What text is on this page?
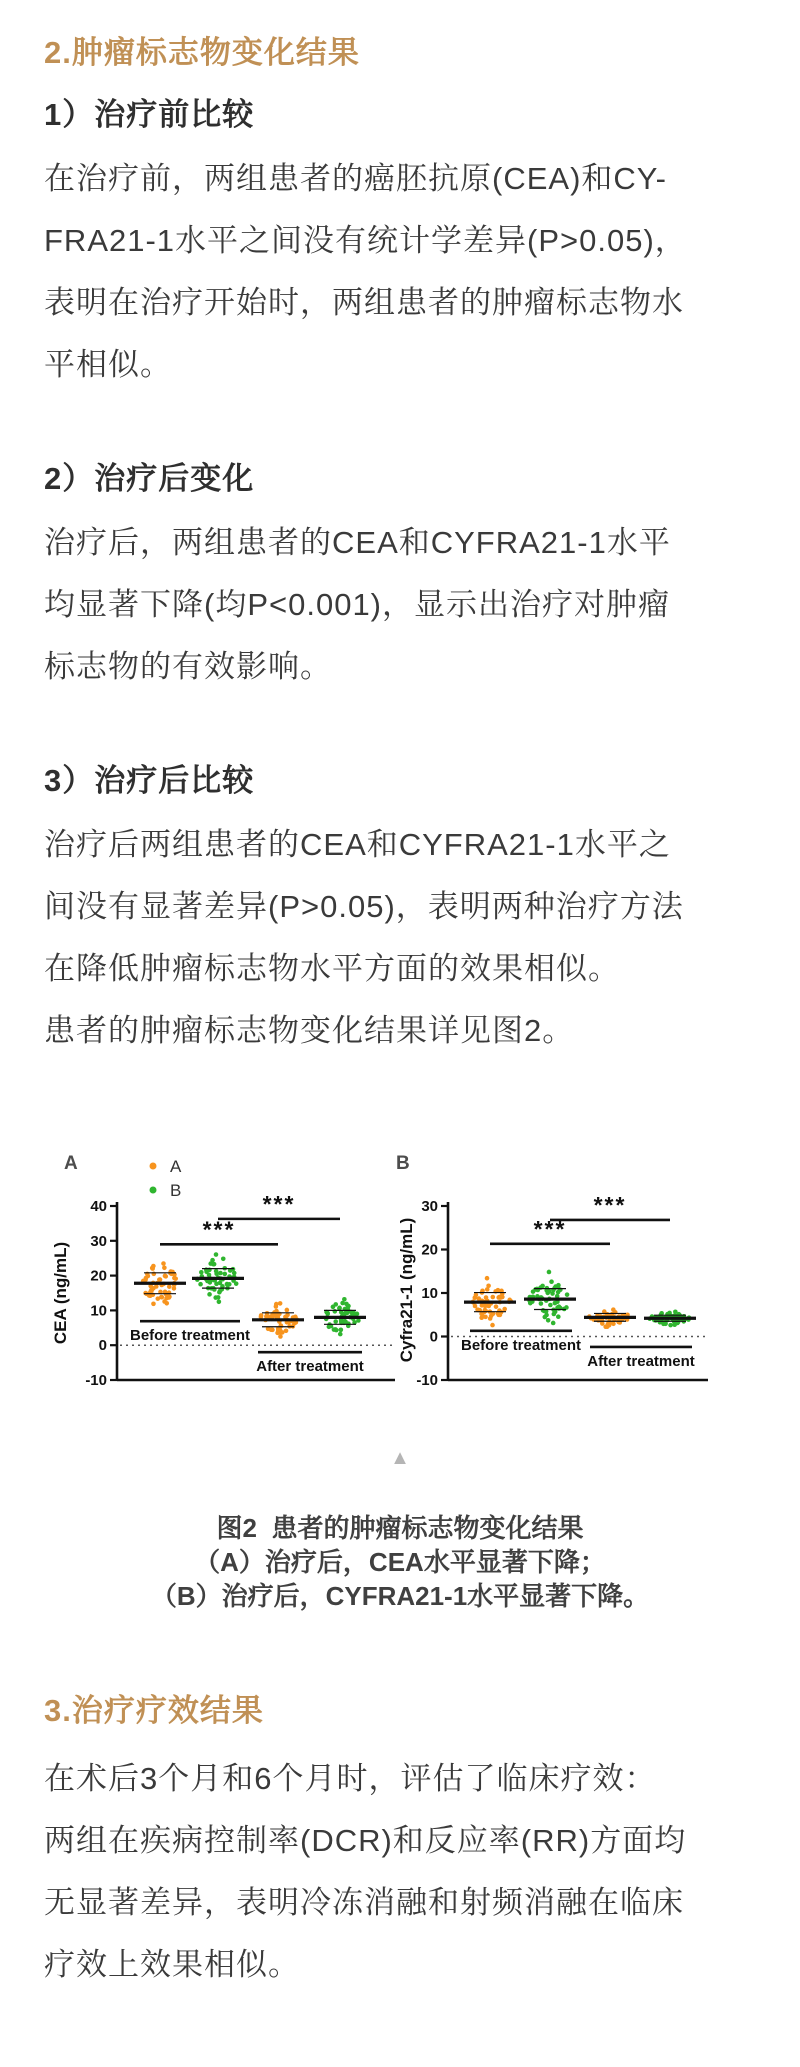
2.肿瘤标志物变化结果
1）治疗前比较
在治疗前，两组患者的癌胚抗原(CEA)和CY-
FRA21-1水平之间没有统计学差异(P>0.05)，
表明在治疗开始时，两组患者的肿瘤标志物水
平相似。
2）治疗后变化
治疗后，两组患者的CEA和CYFRA21-1水平
均显著下降(均P<0.001)，显示出治疗对肿瘤
标志物的有效影响。
3）治疗后比较
治疗后两组患者的CEA和CYFRA21-1水平之
间没有显著差异(P>0.05)，表明两种治疗方法
在降低肿瘤标志物水平方面的效果相似。
患者的肿瘤标志物变化结果详见图2。
40
30
20
10
0
-10
CEA (ng/mL)
A	A
B
***
***
Before treatment
After treatment
30
20
10
0
-10
Cyfra21-1 (ng/mL)
B
***
***
Before treatment
After treatment
▲
图2  患者的肿瘤标志物变化结果
（A）治疗后，CEA水平显著下降；
（B）治疗后，CYFRA21-1水平显著下降。
3.治疗疗效结果
在术后3个月和6个月时，评估了临床疗效：
两组在疾病控制率(DCR)和反应率(RR)方面均
无显著差异，表明冷冻消融和射频消融在临床
疗效上效果相似。
